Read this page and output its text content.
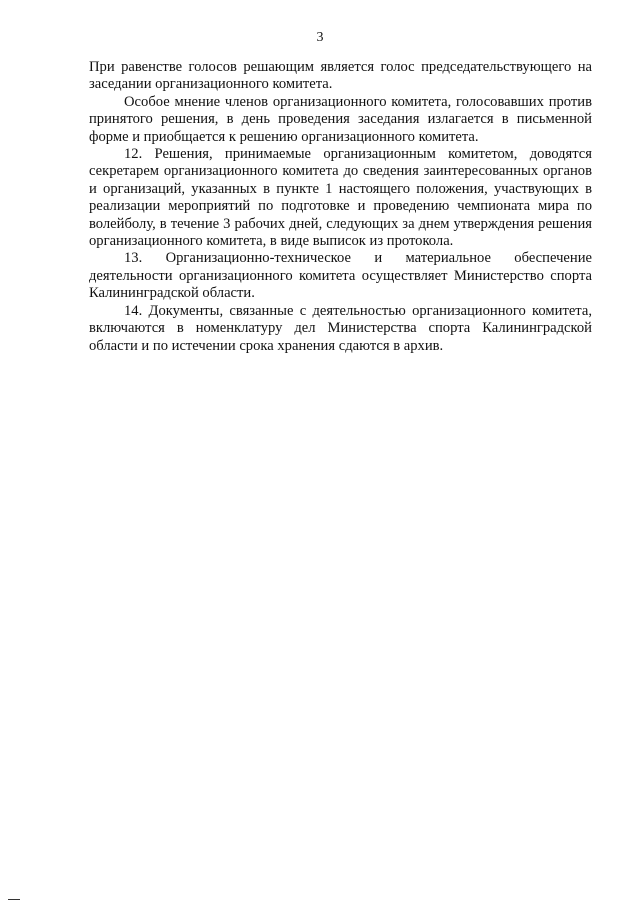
3

При равенстве голосов решающим является голос председательствующего на заседании организационного комитета.

Особое мнение членов организационного комитета, голосовавших против принятого решения, в день проведения заседания излагается в письменной форме и приобщается к решению организационного комитета.

12. Решения, принимаемые организационным комитетом, доводятся секретарем организационного комитета до сведения заинтересованных органов и организаций, указанных в пункте 1 настоящего положения, участвующих в реализации мероприятий по подготовке и проведению чемпионата мира по волейболу, в течение 3 рабочих дней, следующих за днем утверждения решения организационного комитета, в виде выписок из протокола.

13. Организационно-техническое и материальное обеспечение деятельности организационного комитета осуществляет Министерство спорта Калининградской области.

14. Документы, связанные с деятельностью организационного комитета, включаются в номенклатуру дел Министерства спорта Калининградской области и по истечении срока хранения сдаются в архив.
